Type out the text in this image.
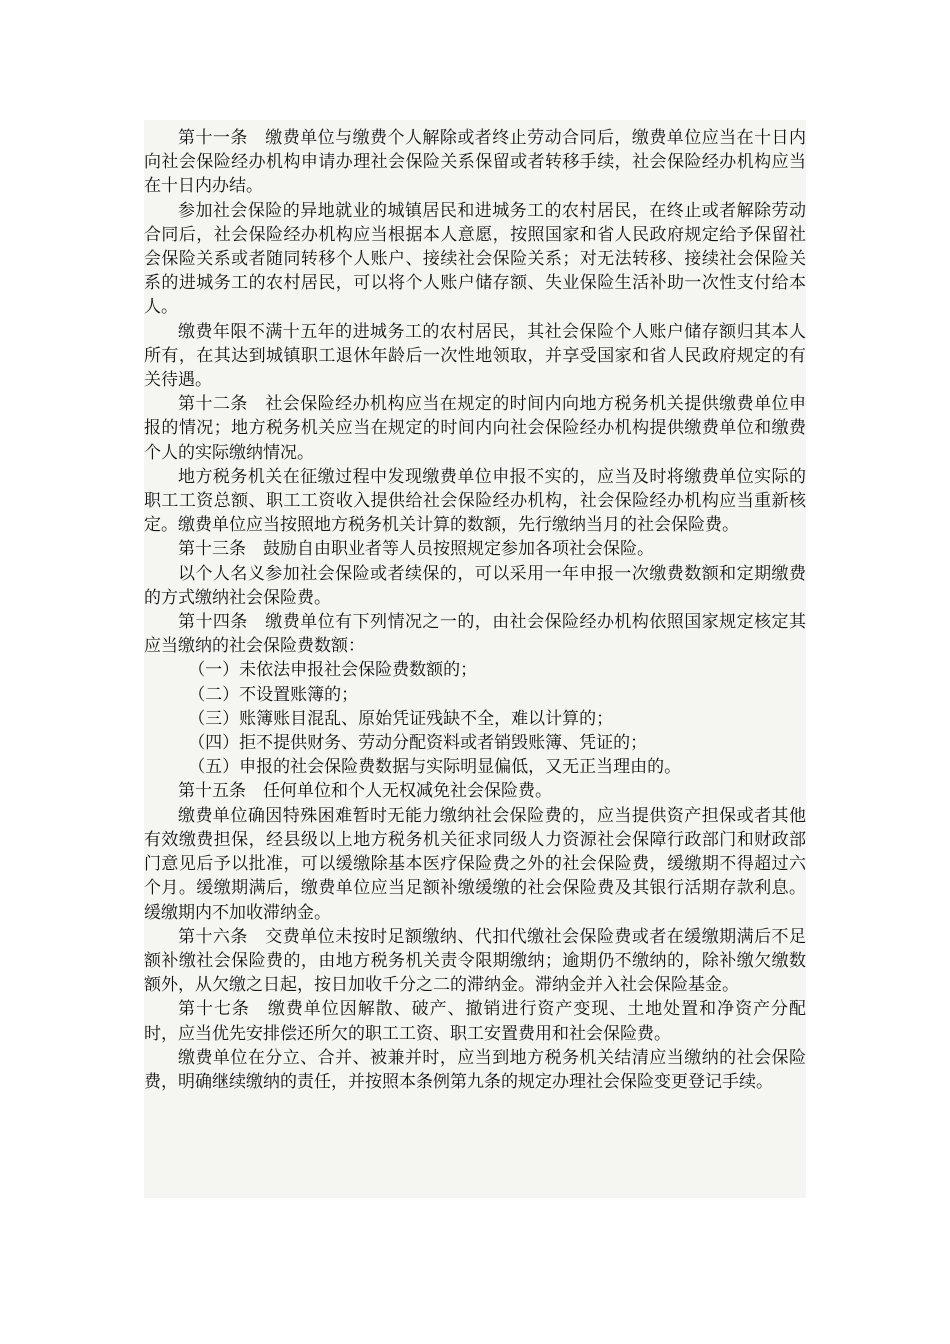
第十一条　缴费单位与缴费个人解除或者终止劳动合同后，缴费单位应当在十日内向社会保险经办机构申请办理社会保险关系保留或者转移手续，社会保险经办机构应当在十日内办结。

参加社会保险的异地就业的城镇居民和进城务工的农村居民，在终止或者解除劳动合同后，社会保险经办机构应当根据本人意愿，按照国家和省人民政府规定给予保留社会保险关系或者随同转移个人账户、接续社会保险关系；对无法转移、接续社会保险关系的进城务工的农村居民，可以将个人账户储存额、失业保险生活补助一次性支付给本人。

缴费年限不满十五年的进城务工的农村居民，其社会保险个人账户储存额归其本人所有，在其达到城镇职工退休年龄后一次性地领取，并享受国家和省人民政府规定的有关待遇。

第十二条　社会保险经办机构应当在规定的时间内向地方税务机关提供缴费单位申报的情况；地方税务机关应当在规定的时间内向社会保险经办机构提供缴费单位和缴费个人的实际缴纳情况。

地方税务机关在征缴过程中发现缴费单位申报不实的，应当及时将缴费单位实际的职工工资总额、职工工资收入提供给社会保险经办机构，社会保险经办机构应当重新核定。缴费单位应当按照地方税务机关计算的数额，先行缴纳当月的社会保险费。

第十三条　鼓励自由职业者等人员按照规定参加各项社会保险。

以个人名义参加社会保险或者续保的，可以采用一年申报一次缴费数额和定期缴费的方式缴纳社会保险费。

第十四条　缴费单位有下列情况之一的，由社会保险经办机构依照国家规定核定其应当缴纳的社会保险费数额：

（一）未依法申报社会保险费数额的；

（二）不设置账簿的；

（三）账簿账目混乱、原始凭证残缺不全，难以计算的；

（四）拒不提供财务、劳动分配资料或者销毁账簿、凭证的；

（五）申报的社会保险费数据与实际明显偏低，又无正当理由的。

第十五条　任何单位和个人无权减免社会保险费。

缴费单位确因特殊困难暂时无能力缴纳社会保险费的，应当提供资产担保或者其他有效缴费担保，经县级以上地方税务机关征求同级人力资源社会保障行政部门和财政部门意见后予以批准，可以缓缴除基本医疗保险费之外的社会保险费，缓缴期不得超过六个月。缓缴期满后，缴费单位应当足额补缴缓缴的社会保险费及其银行活期存款利息。缓缴期内不加收滞纳金。

第十六条　交费单位未按时足额缴纳、代扣代缴社会保险费或者在缓缴期满后不足额补缴社会保险费的，由地方税务机关责令限期缴纳；逾期仍不缴纳的，除补缴欠缴数额外，从欠缴之日起，按日加收千分之二的滞纳金。滞纳金并入社会保险基金。

第十七条　缴费单位因解散、破产、撤销进行资产变现、土地处置和净资产分配时，应当优先安排偿还所欠的职工工资、职工安置费用和社会保险费。

缴费单位在分立、合并、被兼并时，应当到地方税务机关结清应当缴纳的社会保险费，明确继续缴纳的责任，并按照本条例第九条的规定办理社会保险变更登记手续。
